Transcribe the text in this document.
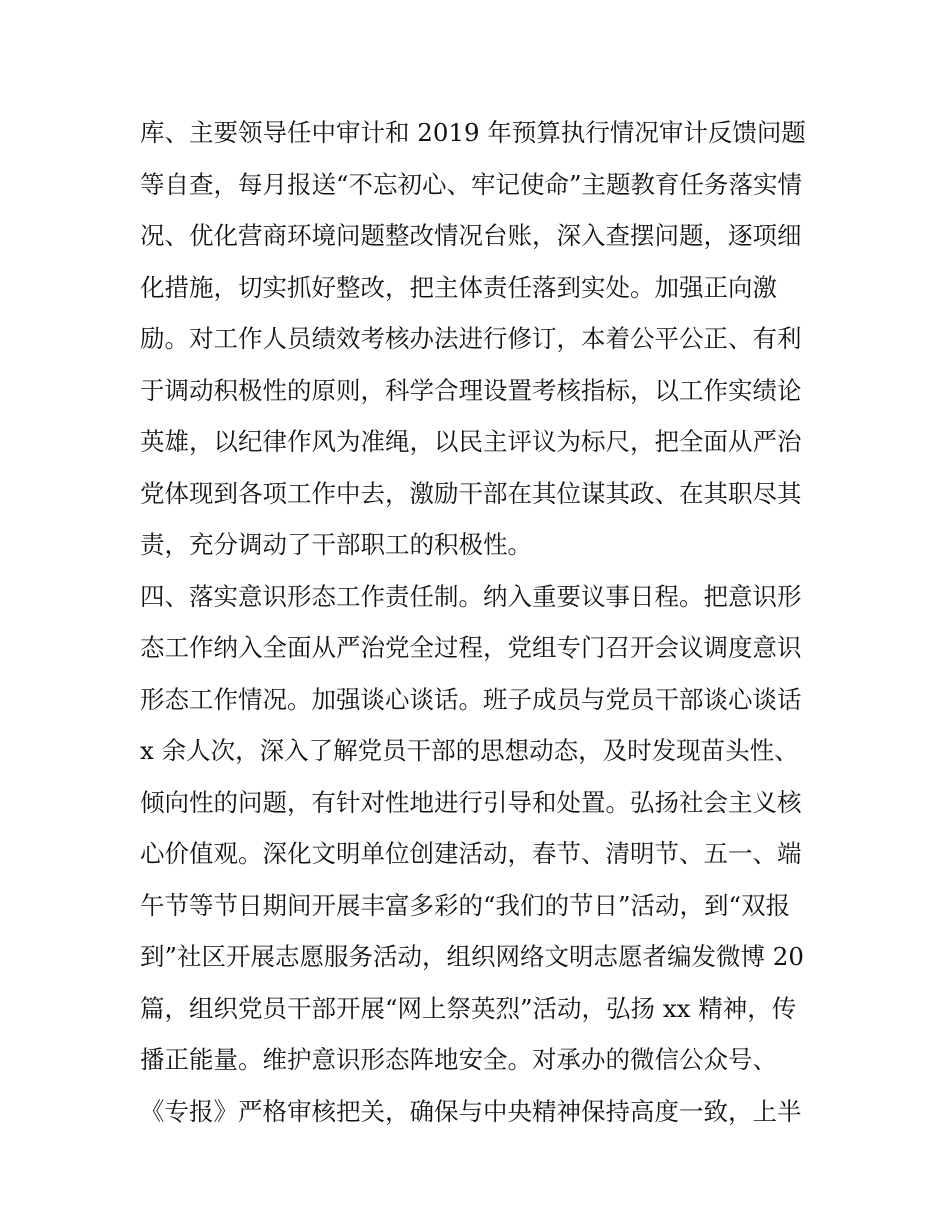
库、主要领导任中审计和 2019 年预算执行情况审计反馈问题
等自查，每月报送“不忘初心、牢记使命”主题教育任务落实情
况、优化营商环境问题整改情况台账，深入查摆问题，逐项细
化措施，切实抓好整改，把主体责任落到实处。加强正向激
励。对工作人员绩效考核办法进行修订，本着公平公正、有利
于调动积极性的原则，科学合理设置考核指标，以工作实绩论
英雄，以纪律作风为准绳，以民主评议为标尺，把全面从严治
党体现到各项工作中去，激励干部在其位谋其政、在其职尽其
责，充分调动了干部职工的积极性。
四、落实意识形态工作责任制。纳入重要议事日程。把意识形
态工作纳入全面从严治党全过程，党组专门召开会议调度意识
形态工作情况。加强谈心谈话。班子成员与党员干部谈心谈话
x 余人次，深入了解党员干部的思想动态，及时发现苗头性、
倾向性的问题，有针对性地进行引导和处置。弘扬社会主义核
心价值观。深化文明单位创建活动，春节、清明节、五一、端
午节等节日期间开展丰富多彩的“我们的节日”活动，到“双报
到”社区开展志愿服务活动，组织网络文明志愿者编发微博 20
篇，组织党员干部开展“网上祭英烈”活动，弘扬 xx 精神，传
播正能量。维护意识形态阵地安全。对承办的微信公众号、
《专报》严格审核把关，确保与中央精神保持高度一致，上半
